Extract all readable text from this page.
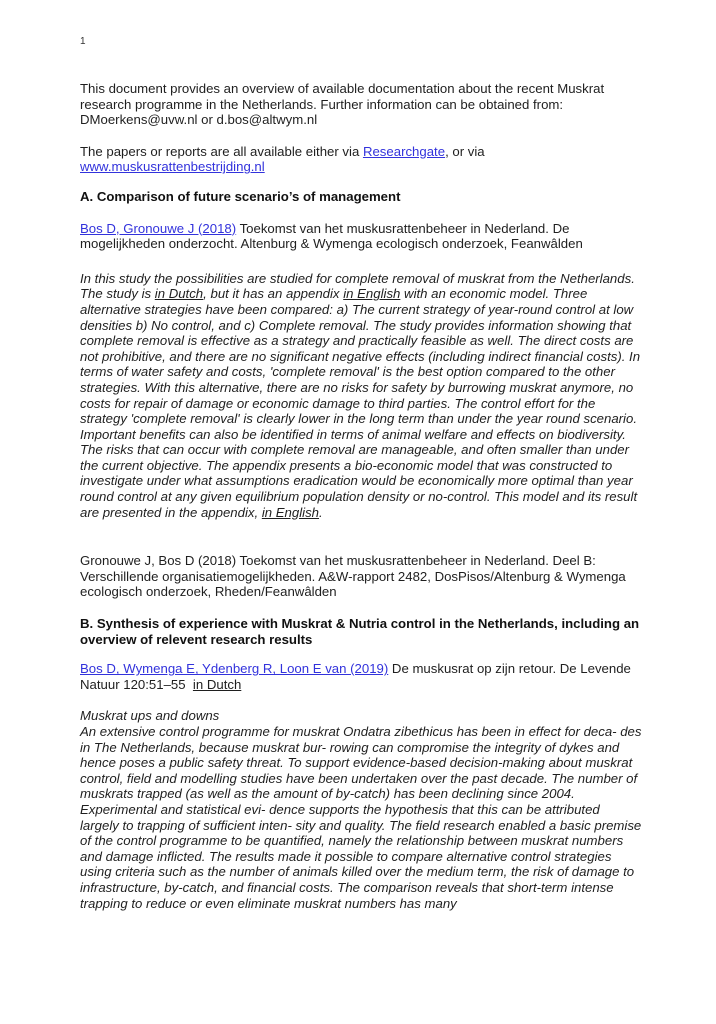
1

This document provides an overview of available documentation about the recent Muskrat research programme in the Netherlands. Further information can be obtained from: DMoerkens@uvw.nl or d.bos@altwym.nl

The papers or reports are all available either via Researchgate, or via
www.muskusrattenbestrijding.nl

A. Comparison of future scenario’s of management

Bos D, Gronouwe J (2018) Toekomst van het muskusrattenbeheer in Nederland. De mogelijkheden onderzocht. Altenburg & Wymenga ecologisch onderzoek, Feanwâlden

In this study the possibilities are studied for complete removal of muskrat from the Netherlands. The study is in Dutch, but it has an appendix in English with an economic model. Three alternative strategies have been compared: a) The current strategy of year-round control at low densities b) No control, and c) Complete removal. The study provides information showing that complete removal is effective as a strategy and practically feasible as well. The direct costs are not prohibitive, and there are no significant negative effects (including indirect financial costs). In terms of water safety and costs, 'complete removal' is the best option compared to the other strategies. With this alternative, there are no risks for safety by burrowing muskrat anymore, no costs for repair of damage or economic damage to third parties. The control effort for the strategy 'complete removal' is clearly lower in the long term than under the year round scenario. Important benefits can also be identified in terms of animal welfare and effects on biodiversity. The risks that can occur with complete removal are manageable, and often smaller than under the current objective. The appendix presents a bio-economic model that was constructed to investigate under what assumptions eradication would be economically more optimal than year round control at any given equilibrium population density or no-control. This model and its result are presented in the appendix, in English.

Gronouwe J, Bos D (2018) Toekomst van het muskusrattenbeheer in Nederland. Deel B: Verschillende organisatiemogelijkheden. A&W-rapport 2482, DosPisos/Altenburg & Wymenga ecologisch onderzoek, Rheden/Feanwâlden

B. Synthesis of experience with Muskrat & Nutria control in the Netherlands, including an overview of relevent research results

Bos D, Wymenga E, Ydenberg R, Loon E van (2019) De muskusrat op zijn retour. De Levende Natuur 120:51–55  in Dutch

Muskrat ups and downs

An extensive control programme for muskrat Ondatra zibethicus has been in effect for deca- des in The Netherlands, because muskrat bur- rowing can compromise the integrity of dykes and hence poses a public safety threat. To support evidence-based decision-making about muskrat control, field and modelling studies have been undertaken over the past decade. The number of muskrats trapped (as well as the amount of by-catch) has been declining since 2004. Experimental and statistical evi- dence supports the hypothesis that this can be attributed largely to trapping of sufficient inten- sity and quality. The field research enabled a basic premise of the control programme to be quantified, namely the relationship between muskrat numbers and damage inflicted. The results made it possible to compare alternative control strategies using criteria such as the number of animals killed over the medium term, the risk of damage to infrastructure, by-catch, and financial costs. The comparison reveals that short-term intense trapping to reduce or even eliminate muskrat numbers has many
